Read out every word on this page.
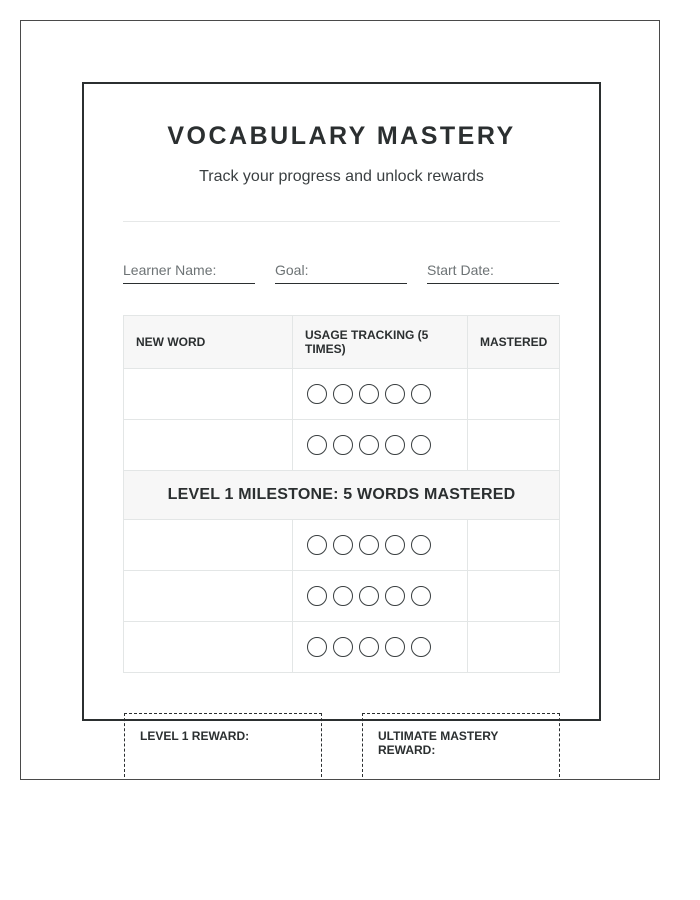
VOCABULARY MASTERY
Track your progress and unlock rewards
Learner Name:	Goal:	Start Date:
NEW WORD	USAGE TRACKING (5 TIMES)	MASTERED

LEVEL 1 MILESTONE: 5 WORDS MASTERED		

LEVEL 1 REWARD:	ULTIMATE MASTERY REWARD:
